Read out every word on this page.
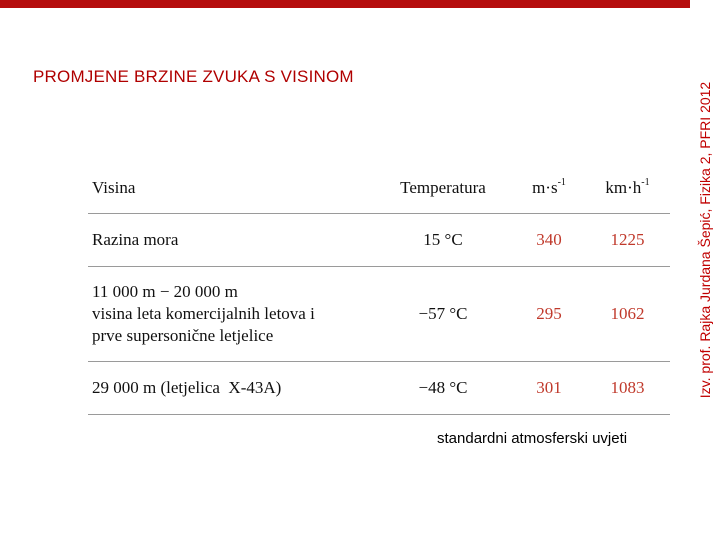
PROMJENE BRZINE ZVUKA S VISINOM
Izv. prof. Rajka Jurdana Šepić, Fizika 2, PFRI 2012
Visina	Temperatura	$m\cdot s^{-1}$	$km\cdot h^{-1}$
Razina mora	15 °C	340	1225
11 000 m − 20 000 m
visina leta komercijalnih letova i
prve supersonične letjelice	−57 °C	295	1062
29 000 m (letjelica  X-43A)	−48 °C	301	1083
standardni atmosferski uvjeti
